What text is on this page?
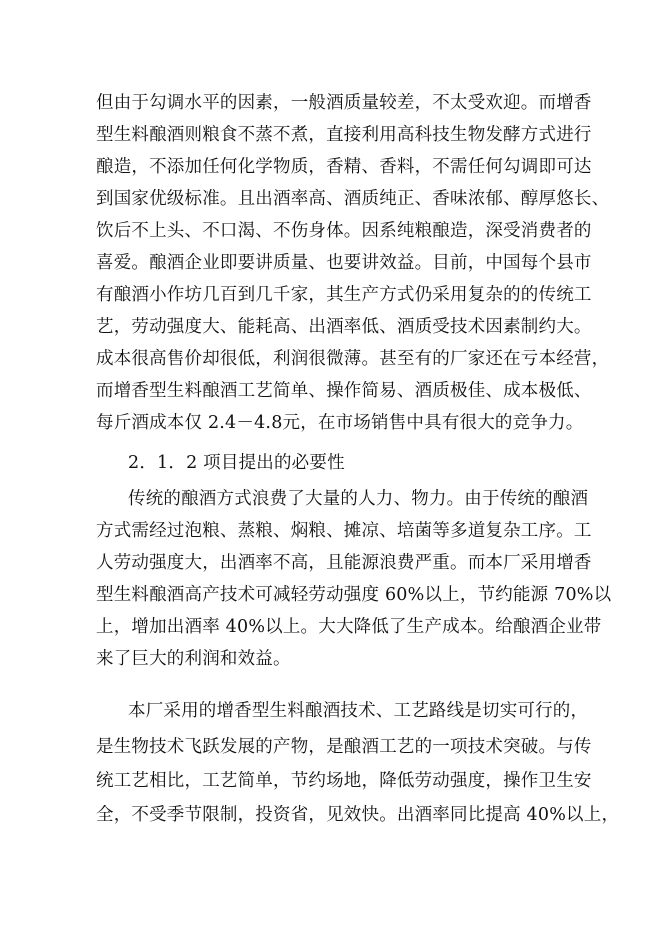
但由于勾调水平的因素，一般酒质量较差，不太受欢迎。而增香
型生料酿酒则粮食不蒸不煮，直接利用高科技生物发酵方式进行
酿造，不添加任何化学物质，香精、香料，不需任何勾调即可达
到国家优级标准。且出酒率高、酒质纯正、香味浓郁、醇厚悠长、
饮后不上头、不口渴、不伤身体。因系纯粮酿造，深受消费者的
喜爱。酿酒企业即要讲质量、也要讲效益。目前，中国每个县市
有酿酒小作坊几百到几千家，其生产方式仍采用复杂的的传统工
艺，劳动强度大、能耗高、出酒率低、酒质受技术因素制约大。
成本很高售价却很低，利润很微薄。甚至有的厂家还在亏本经营，
而增香型生料酿酒工艺简单、操作简易、酒质极佳、成本极低、
每斤酒成本仅 2.4－4.8元，在市场销售中具有很大的竞争力。
2．1．2 项目提出的必要性
传统的酿酒方式浪费了大量的人力、物力。由于传统的酿酒
方式需经过泡粮、蒸粮、焖粮、摊凉、培菌等多道复杂工序。工
人劳动强度大，出酒率不高，且能源浪费严重。而本厂采用增香
型生料酿酒高产技术可减轻劳动强度 60%以上，节约能源 70%以
上，增加出酒率 40%以上。大大降低了生产成本。给酿酒企业带
来了巨大的利润和效益。
本厂采用的增香型生料酿酒技术、工艺路线是切实可行的，
是生物技术飞跃发展的产物，是酿酒工艺的一项技术突破。与传
统工艺相比，工艺简单，节约场地，降低劳动强度，操作卫生安
全，不受季节限制，投资省，见效快。出酒率同比提高 40%以上，
